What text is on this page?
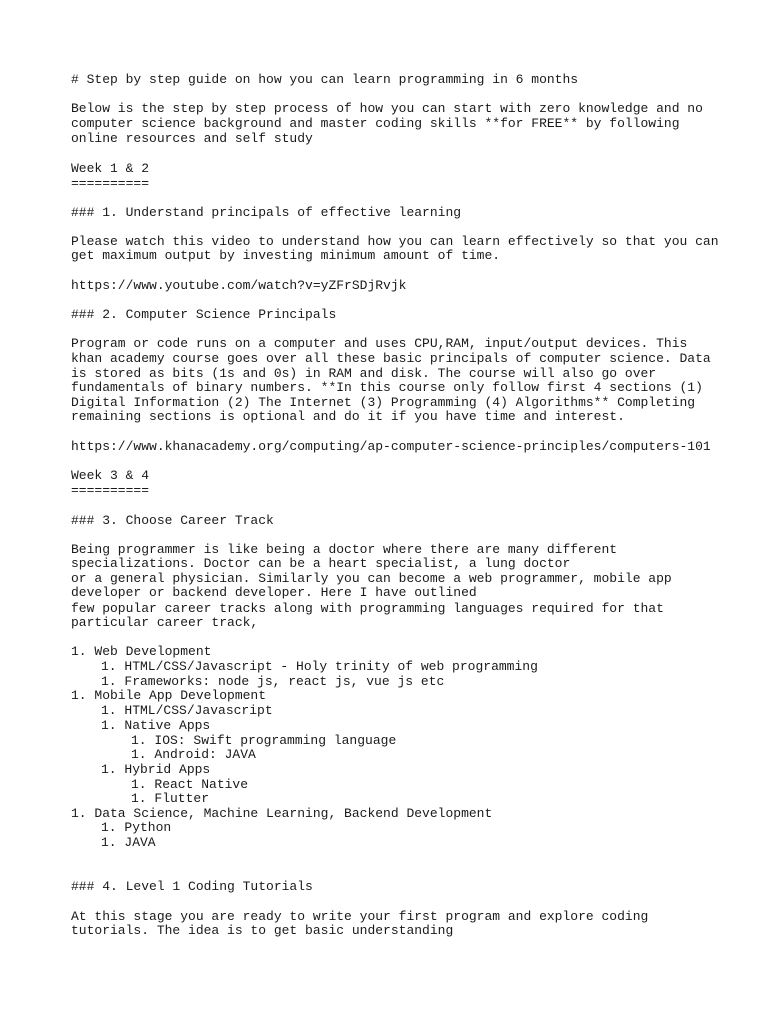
# Step by step guide on how you can learn programming in 6 months

Below is the step by step process of how you can start with zero knowledge and no

computer science background and master coding skills **for FREE** by following

online resources and self study

Week 1 & 2

==========

### 1. Understand principals of effective learning

Please watch this video to understand how you can learn effectively so that you can

get maximum output by investing minimum amount of time.

https://www.youtube.com/watch?v=yZFrSDjRvjk

### 2. Computer Science Principals

Program or code runs on a computer and uses CPU,RAM, input/output devices. This

khan academy course goes over all these basic principals of computer science. Data

is stored as bits (1s and 0s) in RAM and disk. The course will also go over

fundamentals of binary numbers. **In this course only follow first 4 sections (1)

Digital Information (2) The Internet (3) Programming (4) Algorithms** Completing

remaining sections is optional and do it if you have time and interest.

https://www.khanacademy.org/computing/ap-computer-science-principles/computers-101

Week 3 & 4

==========

### 3. Choose Career Track

Being programmer is like being a doctor where there are many different

specializations. Doctor can be a heart specialist, a lung doctor

or a general physician. Similarly you can become a web programmer, mobile app

developer or backend developer. Here I have outlined

few popular career tracks along with programming languages required for that

particular career track,

1. Web Development

1. HTML/CSS/Javascript - Holy trinity of web programming

1. Frameworks: node js, react js, vue js etc

1. Mobile App Development

1. HTML/CSS/Javascript

1. Native Apps

1. IOS: Swift programming language

1. Android: JAVA

1. Hybrid Apps

1. React Native

1. Flutter

1. Data Science, Machine Learning, Backend Development

1. Python

1. JAVA

### 4. Level 1 Coding Tutorials

At this stage you are ready to write your first program and explore coding

tutorials. The idea is to get basic understanding
